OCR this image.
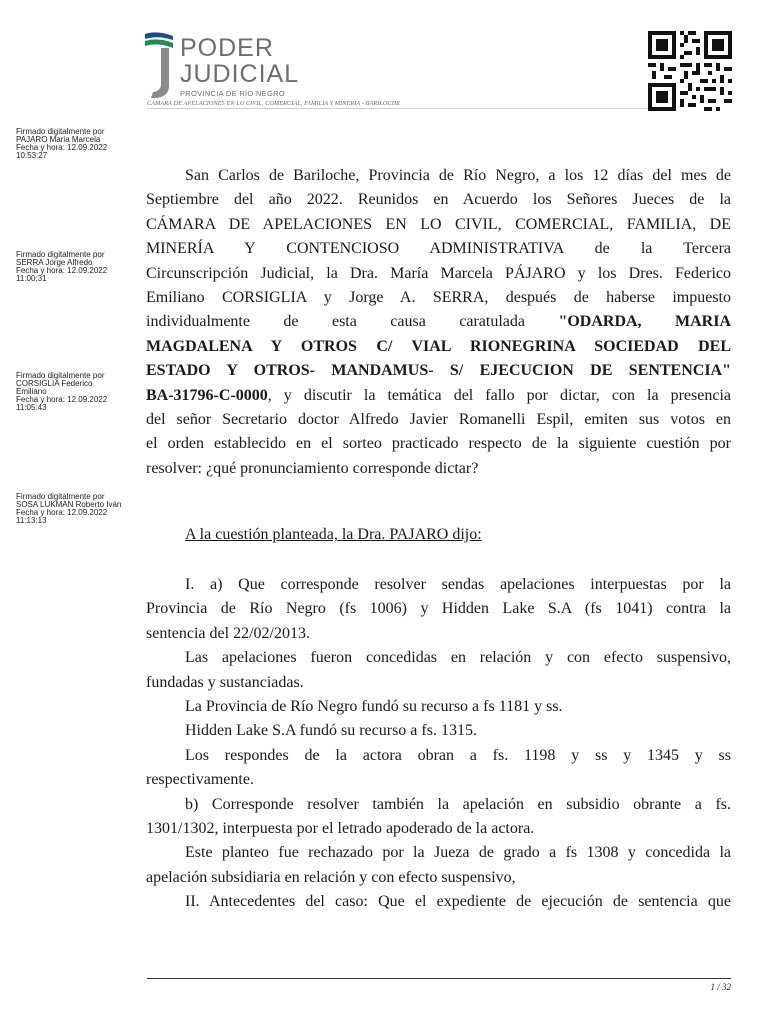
PODER
JUDICIAL
PROVINCIA DE RÍO NEGRO
CÁMARA DE APELACIONES EN LO CIVIL, COMERCIAL, FAMILIA Y MINERÍA - BARILOCHE
Firmado digitalmente por
PAJARO Maria Marcela
Fecha y hora: 12.09.2022
10:53:27
Firmado digitalmente por
SERRA Jorge Alfredo
Fecha y hora: 12.09.2022
11:00:31
Firmado digitalmente por
CORSIGLIA Federico
Emiliano
Fecha y hora: 12.09.2022
11:05:43
Firmado digitalmente por
SOSA LUKMAN Roberto Iván
Fecha y hora: 12.09.2022
11:13:13
San Carlos de Bariloche, Provincia de Río Negro, a los 12 días del mes de
Septiembre del año 2022. Reunidos en Acuerdo los Señores Jueces de la
CÁMARA DE APELACIONES EN LO CIVIL, COMERCIAL, FAMILIA, DE
MINERÍA Y CONTENCIOSO ADMINISTRATIVA de la Tercera
Circunscripción Judicial, la Dra. María Marcela PÁJARO y los Dres. Federico
Emiliano CORSIGLIA y Jorge A. SERRA, después de haberse impuesto
individualmente de esta causa caratulada "ODARDA, MARIA
MAGDALENA Y OTROS C/ VIAL RIONEGRINA SOCIEDAD DEL
ESTADO Y OTROS- MANDAMUS- S/ EJECUCION DE SENTENCIA"
BA-31796-C-0000, y discutir la temática del fallo por dictar, con la presencia
del señor Secretario doctor Alfredo Javier Romanelli Espil, emiten sus votos en
el orden establecido en el sorteo practicado respecto de la siguiente cuestión por
resolver: ¿qué pronunciamiento corresponde dictar?
A la cuestión planteada, la Dra. PAJARO dijo:
I. a) Que corresponde resolver sendas apelaciones interpuestas por la
Provincia de Río Negro (fs 1006) y Hidden Lake S.A (fs 1041) contra la
sentencia del 22/02/2013.
Las apelaciones fueron concedidas en relación y con efecto suspensivo,
fundadas y sustanciadas.
La Provincia de Río Negro fundó su recurso a fs 1181 y ss.
Hidden Lake S.A fundó su recurso a fs. 1315.
Los respondes de la actora obran a fs. 1198 y ss y 1345 y ss
respectivamente.
b) Corresponde resolver también la apelación en subsidio obrante a fs.
1301/1302, interpuesta por el letrado apoderado de la actora.
Este planteo fue rechazado por la Jueza de grado a fs 1308 y concedida la
apelación subsidiaria en relación y con efecto suspensivo,
II. Antecedentes del caso: Que el expediente de ejecución de sentencia que
1 / 32
